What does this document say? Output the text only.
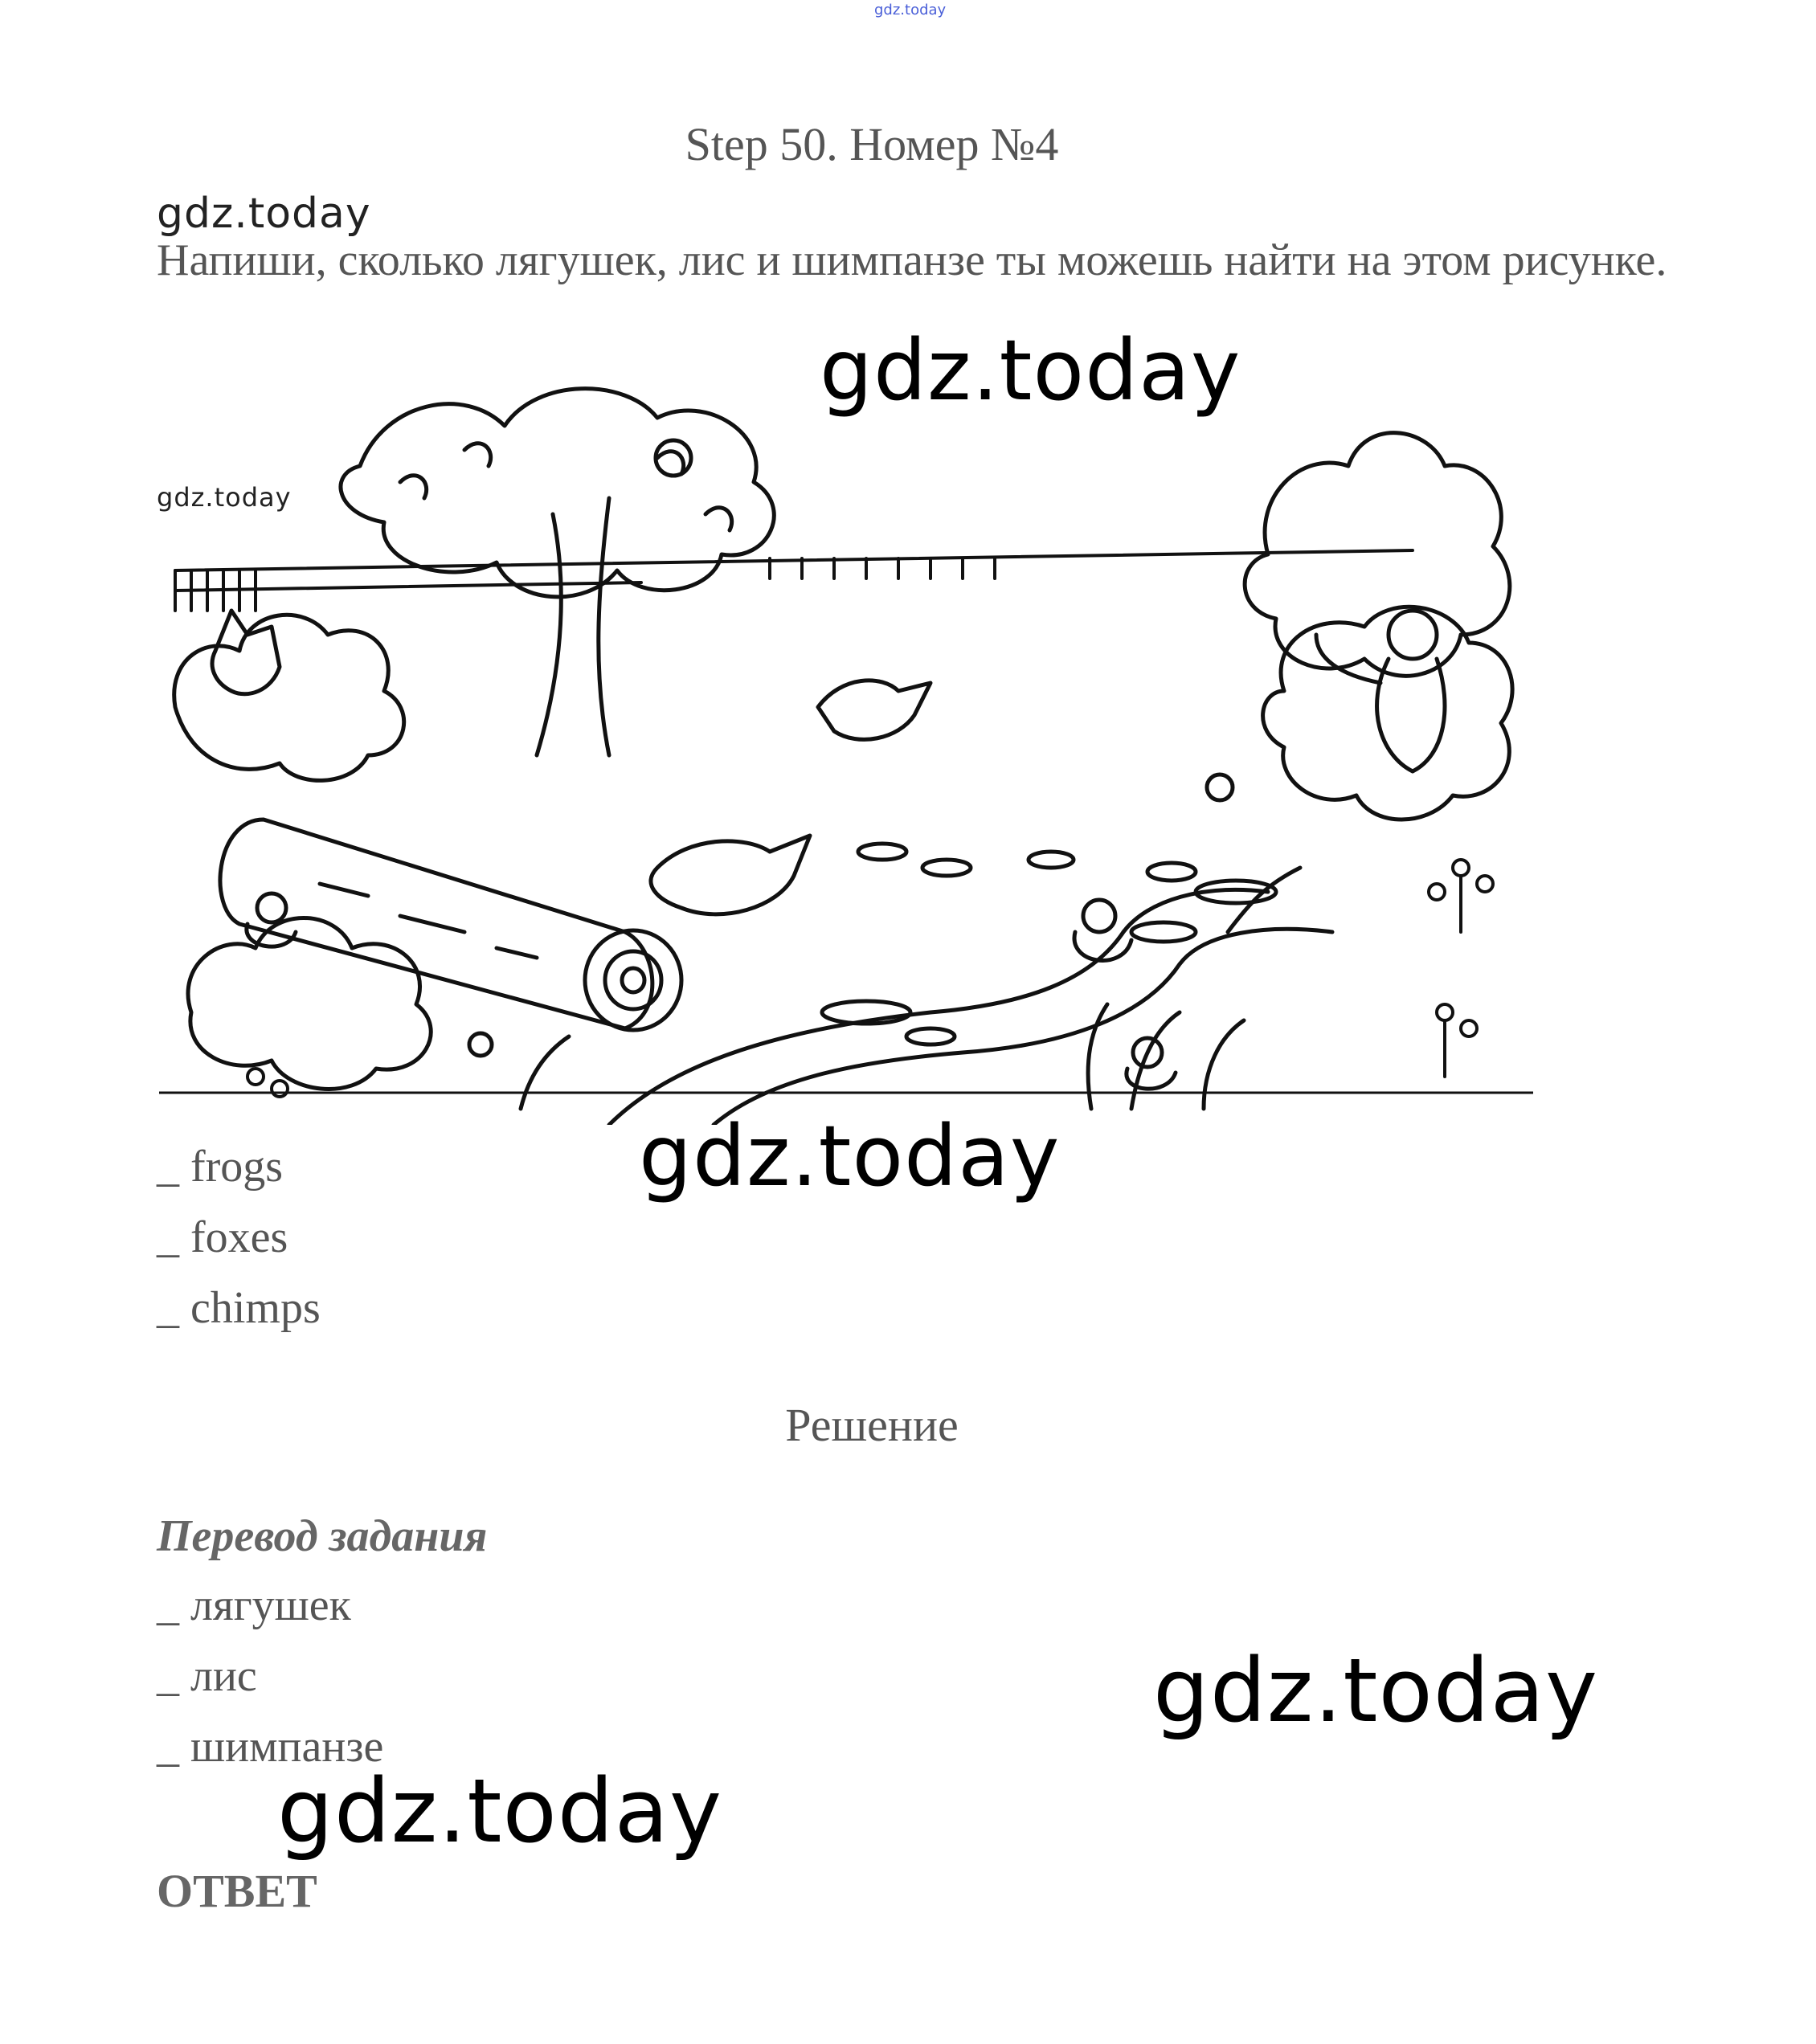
gdz.today
Step 50. Номер №4
gdz.today
Напиши, сколько лягушек, лис и шимпанзе ты можешь найти на этом рисунке.
gdz.today
gdz.today
gdz.today
_ frogs
_ foxes
_ chimps
Решение
Перевод задания
_ лягушек
_ лис
_ шимпанзе
gdz.today
gdz.today
ОТВЕТ
